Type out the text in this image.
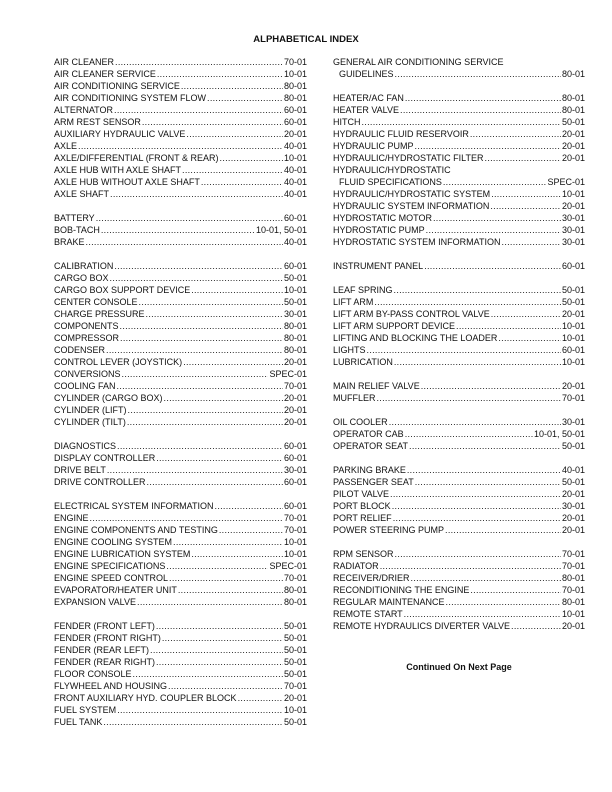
ALPHABETICAL INDEX
AIR CLEANER .....	70-01
AIR CLEANER SERVICE .....	10-01
AIR CONDITIONING SERVICE .....	80-01
AIR CONDITIONING SYSTEM FLOW .....	80-01
ALTERNATOR .....	60-01
ARM REST SENSOR .....	60-01
AUXILIARY HYDRAULIC VALVE .....	20-01
AXLE .....	40-01
AXLE/DIFFERENTIAL (FRONT & REAR) .....	10-01
AXLE HUB WITH AXLE SHAFT .....	40-01
AXLE HUB WITHOUT AXLE SHAFT .....	40-01
AXLE SHAFT .....	40-01
BATTERY .....	60-01
BOB-TACH .....	10-01, 50-01
BRAKE .....	40-01
CALIBRATION .....	60-01
CARGO BOX .....	50-01
CARGO BOX SUPPORT DEVICE .....	10-01
CENTER CONSOLE .....	50-01
CHARGE PRESSURE .....	30-01
COMPONENTS .....	80-01
COMPRESSOR .....	80-01
CODENSER .....	80-01
CONTROL LEVER (JOYSTICK) .....	20-01
CONVERSIONS .....	SPEC-01
COOLING FAN .....	70-01
CYLINDER (CARGO BOX) .....	20-01
CYLINDER (LIFT) .....	20-01
CYLINDER (TILT) .....	20-01
DIAGNOSTICS .....	60-01
DISPLAY CONTROLLER .....	60-01
DRIVE BELT .....	30-01
DRIVE CONTROLLER .....	60-01
ELECTRICAL SYSTEM INFORMATION .....	60-01
ENGINE .....	70-01
ENGINE COMPONENTS AND TESTING .....	70-01
ENGINE COOLING SYSTEM .....	10-01
ENGINE LUBRICATION SYSTEM .....	10-01
ENGINE SPECIFICATIONS .....	SPEC-01
ENGINE SPEED CONTROL .....	70-01
EVAPORATOR/HEATER UNIT .....	80-01
EXPANSION VALVE .....	80-01
FENDER (FRONT LEFT) .....	50-01
FENDER (FRONT RIGHT) .....	50-01
FENDER (REAR LEFT) .....	50-01
FENDER (REAR RIGHT) .....	50-01
FLOOR CONSOLE .....	50-01
FLYWHEEL AND HOUSING .....	70-01
FRONT AUXILIARY HYD. COUPLER BLOCK .....	20-01
FUEL SYSTEM .....	10-01
FUEL TANK .....	50-01
GENERAL AIR CONDITIONING SERVICE
GUIDELINES .....	80-01
HEATER/AC FAN .....	80-01
HEATER VALVE .....	80-01
HITCH .....	50-01
HYDRAULIC FLUID RESERVOIR .....	20-01
HYDRAULIC PUMP .....	20-01
HYDRAULIC/HYDROSTATIC FILTER .....	20-01
HYDRAULIC/HYDROSTATIC
FLUID SPECIFICATIONS .....	SPEC-01
HYDRAULIC/HYDROSTATIC SYSTEM .....	10-01
HYDRAULIC SYSTEM INFORMATION .....	20-01
HYDROSTATIC MOTOR .....	30-01
HYDROSTATIC PUMP .....	30-01
HYDROSTATIC SYSTEM INFORMATION .....	30-01
INSTRUMENT PANEL .....	60-01
LEAF SPRING .....	50-01
LIFT ARM .....	50-01
LIFT ARM BY-PASS CONTROL VALVE .....	20-01
LIFT ARM SUPPORT DEVICE .....	10-01
LIFTING AND BLOCKING THE LOADER .....	10-01
LIGHTS .....	60-01
LUBRICATION .....	10-01
MAIN RELIEF VALVE .....	20-01
MUFFLER .....	70-01
OIL COOLER .....	30-01
OPERATOR CAB .....	10-01, 50-01
OPERATOR SEAT .....	50-01
PARKING BRAKE .....	40-01
PASSENGER SEAT .....	50-01
PILOT VALVE .....	20-01
PORT BLOCK .....	30-01
PORT RELIEF .....	20-01
POWER STEERING PUMP .....	20-01
RPM SENSOR .....	70-01
RADIATOR .....	70-01
RECEIVER/DRIER .....	80-01
RECONDITIONING THE ENGINE .....	70-01
REGULAR MAINTENANCE .....	80-01
REMOTE START .....	10-01
REMOTE HYDRAULICS DIVERTER VALVE .....	20-01
Continued On Next Page
